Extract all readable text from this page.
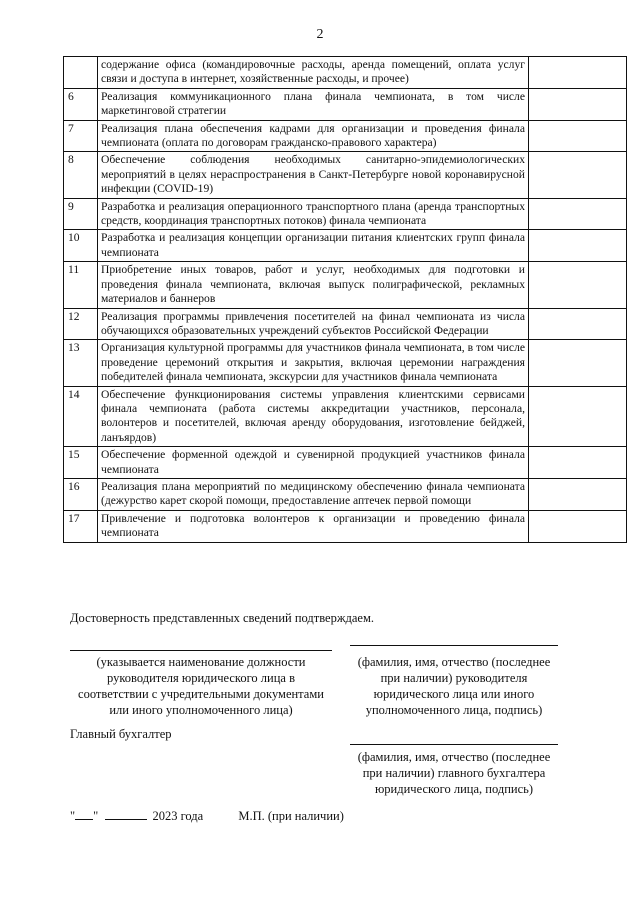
2
	содержание офиса (командировочные расходы, аренда помещений, оплата услуг связи и доступа в интернет, хозяйственные расходы, и прочее)	
6	Реализация коммуникационного плана финала чемпионата, в том числе маркетинговой стратегии	
7	Реализация плана обеспечения кадрами для организации и проведения финала чемпионата (оплата по договорам гражданско-правового характера)	
8	Обеспечение соблюдения необходимых санитарно-эпидемиологических мероприятий в целях нераспространения в Санкт-Петербурге новой коронавирусной инфекции (COVID-19)	
9	Разработка и реализация операционного транспортного плана (аренда транспортных средств, координация транспортных потоков) финала чемпионата	
10	Разработка и реализация концепции организации питания клиентских групп финала чемпионата	
11	Приобретение иных товаров, работ и услуг, необходимых для подготовки и проведения финала чемпионата, включая выпуск полиграфической, рекламных материалов и баннеров	
12	Реализация программы привлечения посетителей на финал чемпионата из числа обучающихся образовательных учреждений субъектов Российской Федерации	
13	Организация культурной программы для участников финала чемпионата, в том числе проведение церемоний открытия и закрытия, включая церемонии награждения победителей финала чемпионата, экскурсии для участников финала чемпионата	
14	Обеспечение функционирования системы управления клиентскими сервисами финала чемпионата (работа системы аккредитации участников, персонала, волонтеров и посетителей, включая аренду оборудования, изготовление бейджей, ланъярдов)	
15	Обеспечение форменной одеждой и сувенирной продукцией участников финала чемпионата	
16	Реализация плана мероприятий по медицинскому обеспечению финала чемпионата (дежурство карет скорой помощи, предоставление аптечек первой помощи	
17	Привлечение и подготовка волонтеров к организации и проведению финала чемпионата	
Достоверность представленных сведений подтверждаем.
(указывается наименование должности руководителя юридического лица в соответствии с учредительными документами или иного уполномоченного лица)
(фамилия, имя, отчество (последнее при наличии) руководителя юридического лица или иного уполномоченного лица, подпись)
Главный бухгалтер
(фамилия, имя, отчество (последнее при наличии) главного бухгалтера юридического лица, подпись)
" "	2023 года	М.П. (при наличии)
